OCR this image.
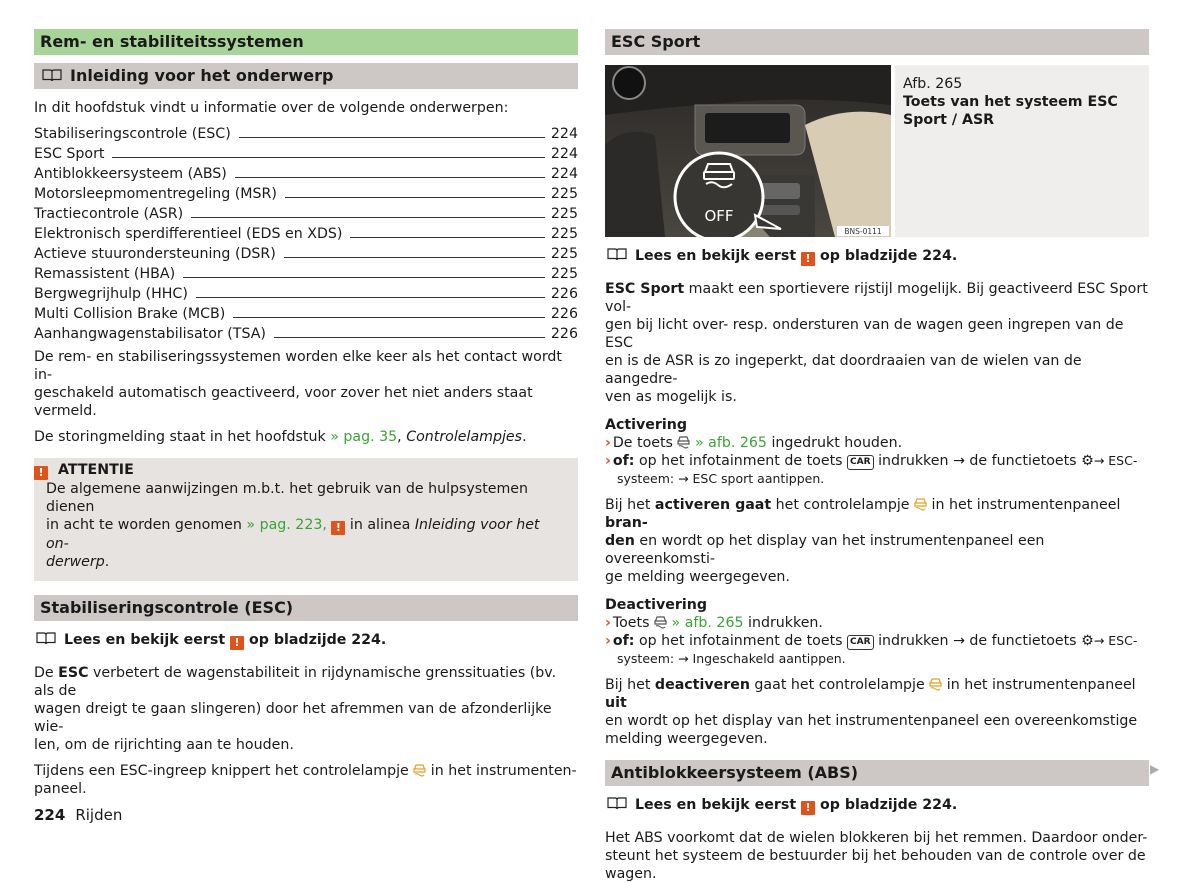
Rem- en stabiliteitssystemen
Inleiding voor het onderwerp

In dit hoofdstuk vindt u informatie over de volgende onderwerpen:

Stabiliseringscontrole (ESC)	224
ESC Sport	224
Antiblokkeersysteem (ABS)	224
Motorsleepmomentregeling (MSR)	225
Tractiecontrole (ASR)	225
Elektronisch sperdifferentieel (EDS en XDS)	225
Actieve stuurondersteuning (DSR)	225
Remassistent (HBA)	225
Bergwegrijhulp (HHC)	226
Multi Collision Brake (MCB)	226
Aanhangwagenstabilisator (TSA)	226

De rem- en stabiliseringssystemen worden elke keer als het contact wordt in-

geschakeld automatisch geactiveerd, voor zover het niet anders staat vermeld.

De storingmelding staat in het hoofdstuk » pag. 35, Controlelampjes.

! ATTENTIE

De algemene aanwijzingen m.b.t. het gebruik van de hulpsystemen dienen

in acht te worden genomen » pag. 223, ! in alinea Inleiding voor het on-

derwerp.

Stabiliseringscontrole (ESC)

Lees en bekijk eerst ! op bladzijde 224.

De ESC verbetert de wagenstabiliteit in rijdynamische grenssituaties (bv. als de

wagen dreigt te gaan slingeren) door het afremmen van de afzonderlijke wie-

len, om de rijrichting aan te houden.

Tijdens een ESC-ingreep knippert het controlelampje  in het instrumenten-

paneel.

ESC Sport
OFF
BNS-0111

Afb. 265

Toets van het systeem ESC

Sport / ASR

Lees en bekijk eerst ! op bladzijde 224.

ESC Sport maakt een sportievere rijstijl mogelijk. Bij geactiveerd ESC Sport vol-

gen bij licht over- resp. ondersturen van de wagen geen ingrepen van de ESC

en is de ASR is zo ingeperkt, dat doordraaien van de wielen van de aangedre-

ven as mogelijk is.

Activering

› De toets  » afb. 265 ingedrukt houden.

› of: op het infotainment de toets CAR indrukken → de functietoets ⚙→ ESC-

systeem: → ESC sport aantippen.

Bij het activeren gaat het controlelampje  in het instrumentenpaneel bran-

den en wordt op het display van het instrumentenpaneel een overeenkomsti-

ge melding weergegeven.

Deactivering

› Toets  » afb. 265 indrukken.

› of: op het infotainment de toets CAR indrukken → de functietoets ⚙→ ESC-

systeem: → Ingeschakeld aantippen.

Bij het deactiveren gaat het controlelampje  in het instrumentenpaneel uit

en wordt op het display van het instrumentenpaneel een overeenkomstige

melding weergegeven.

Antiblokkeersysteem (ABS)

Lees en bekijk eerst ! op bladzijde 224.

Het ABS voorkomt dat de wielen blokkeren bij het remmen. Daardoor onder-

steunt het systeem de bestuurder bij het behouden van de controle over de

wagen.

▶
224 Rijden
